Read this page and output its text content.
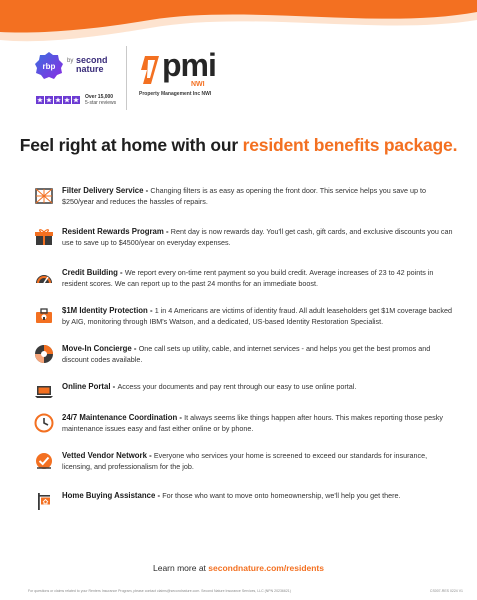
rbp
by second
nature
Over 15,000
5-star reviews
pmi
NWI
Property Management Inc NWI
Feel right at home with our resident benefits package.

Filter Delivery Service - Changing filters is as easy as opening the front door. This service helps you save up to $250/year and reduces the hassles of repairs.

Resident Rewards Program - Rent day is now rewards day. You'll get cash, gift cards, and exclusive discounts you can use to save up to $4500/year on everyday expenses.

Credit Building - We report every on-time rent payment so you build credit. Average increases of 23 to 42 points in resident scores. We can report up to the past 24 months for an immediate boost.

$1M Identity Protection - 1 in 4 Americans are victims of identity fraud. All adult leaseholders get $1M coverage backed by AIG, monitoring through IBM's Watson, and a dedicated, US-based Identity Restoration Specialist.

Move-In Concierge - One call sets up utility, cable, and internet services - and helps you get the best promos and discount codes available.

Online Portal - Access your documents and pay rent through our easy to use online portal.

24/7 Maintenance Coordination - It always seems like things happen after hours. This makes reporting those pesky maintenance issues easy and fast either online or by phone.

Vetted Vendor Network - Everyone who services your home is screened to exceed our standards for insurance, licensing, and professionalism for the job.

Home Buying Assistance - For those who want to move onto homeownership, we'll help you get there.

Learn more at secondnature.com/residents

For questions or claims related to your Renters Insurance Program, please contact claims@secondnature.com. Second Nature Insurance Services, LLC (NPN 20236621)	CS007-RES 0224 V1
